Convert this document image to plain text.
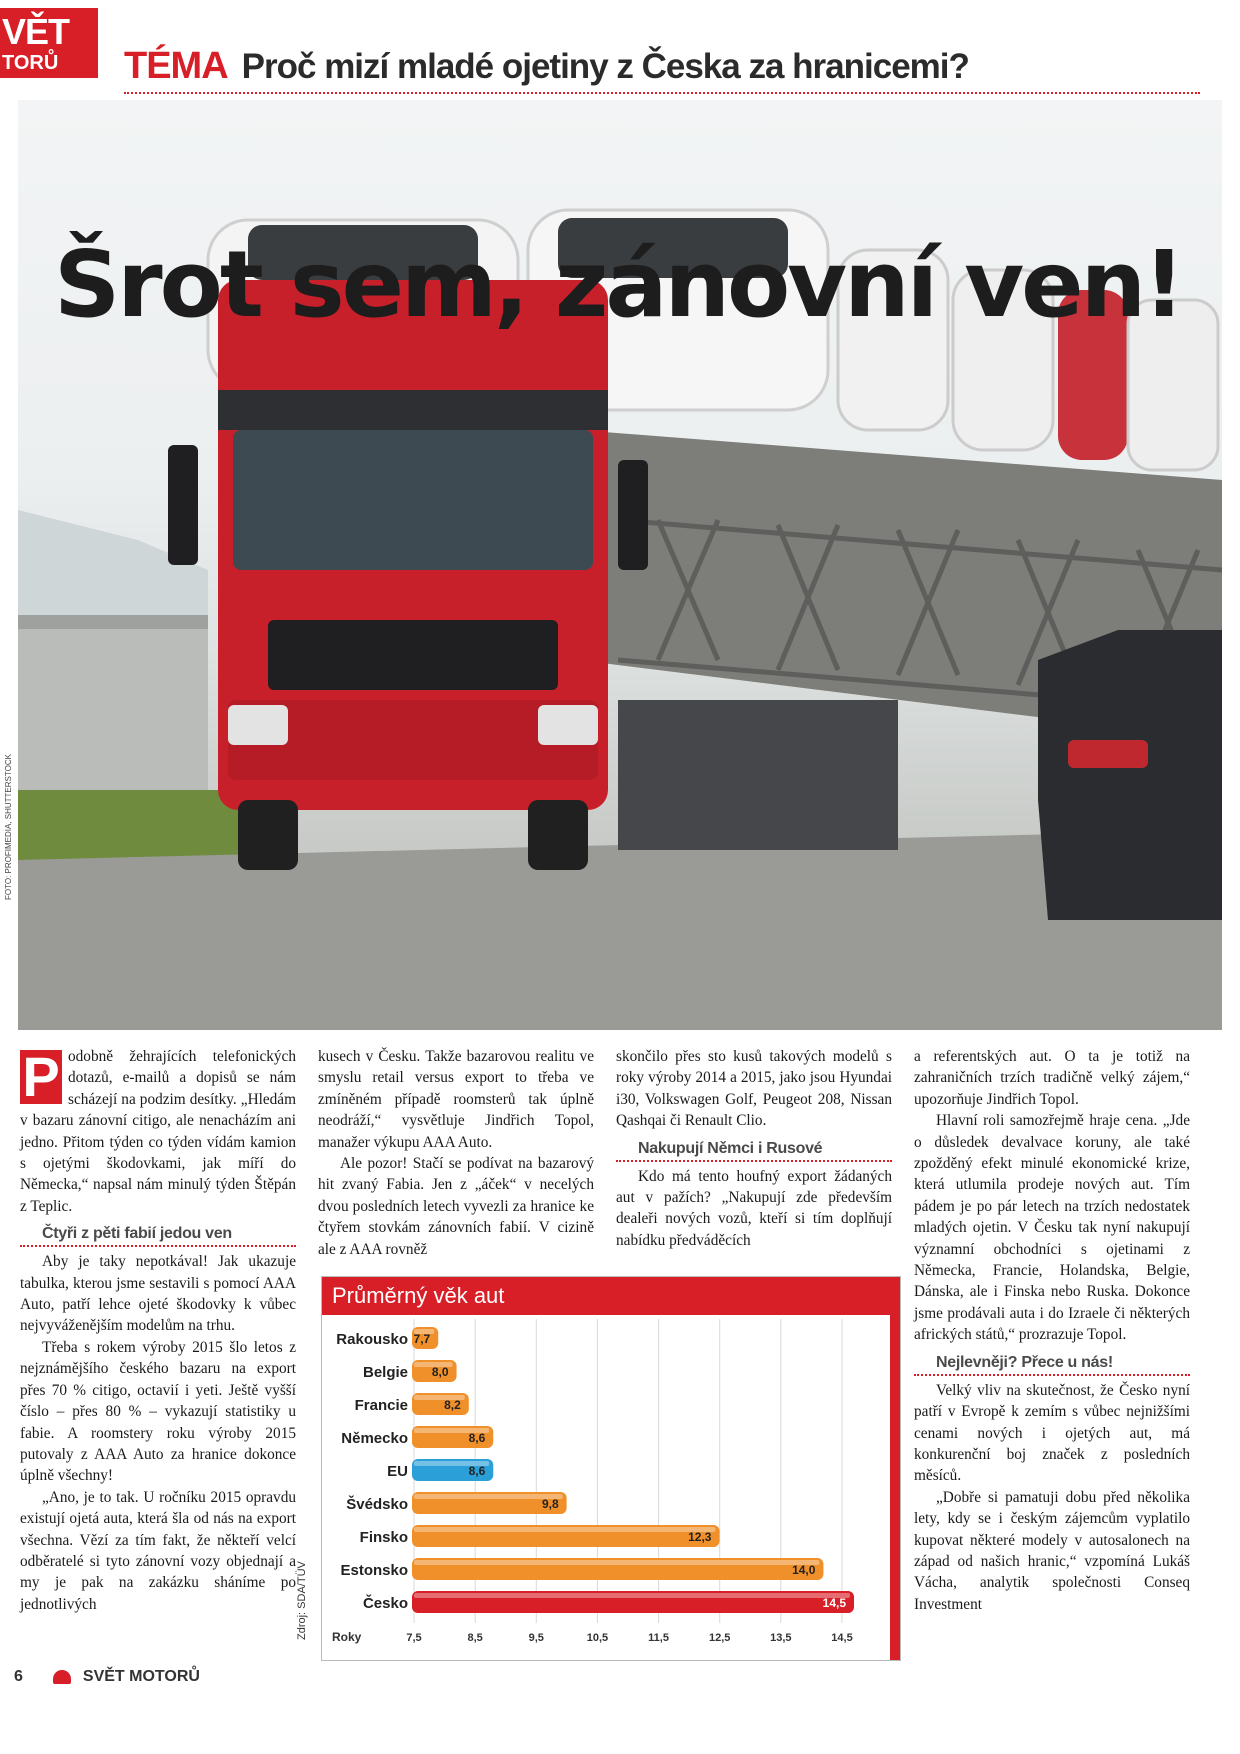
VĚT
TORŮ TÉMA Proč mizí mladé ojetiny z Česka za hranicemi?
Šrot sem, zánovní ven!
FOTO: PROFIMEDIA, SHUTTERSTOCK

P odobně žehrajících telefonických dotazů, e-mailů a dopisů se nám scházejí na podzim desítky. „Hledám v bazaru zánovní citigo, ale nenacházím ani jedno. Přitom týden co týden vídám kamion s ojetými škodovkami, jak míří do Německa,“ napsal nám minulý týden Štěpán z Teplic.

Čtyři z pěti fabií jedou ven

Aby je taky nepotkával! Jak ukazuje tabulka, kterou jsme sestavili s pomocí AAA Auto, patří lehce ojeté škodovky k vůbec nejvyváženějším modelům na trhu.

Třeba s rokem výroby 2015 šlo letos z nejznámějšího českého bazaru na export přes 70 % citigo, octavií i yeti. Ještě vyšší číslo – přes 80 % – vykazují statistiky u fabie. A roomstery roku výroby 2015 putovaly z AAA Auto za hranice dokonce úplně všechny!

„Ano, je to tak. U ročníku 2015 opravdu existují ojetá auta, která šla od nás na export všechna. Vězí za tím fakt, že někteří velcí odběratelé si tyto zánovní vozy objednají a my je pak na zakázku sháníme po jednotlivých

kusech v Česku. Takže bazarovou realitu ve smyslu retail versus export to třeba ve zmíněném případě roomsterů tak úplně neodráží,“ vysvětluje Jindřich Topol, manažer výkupu AAA Auto.

Ale pozor! Stačí se podívat na bazarový hit zvaný Fabia. Jen z „áček“ v necelých dvou posledních letech vyvezli za hranice ke čtyřem stovkám zánovních fabií. V cizině ale z AAA rovněž

skončilo přes sto kusů takových modelů s roky výroby 2014 a 2015, jako jsou Hyundai i30, Volkswagen Golf, Peugeot 208, Nissan Qashqai či Renault Clio.

Nakupují Němci i Rusové

Kdo má tento houfný export žádaných aut v pažích? „Nakupují zde především dealeři nových vozů, kteří si tím doplňují nabídku předváděcích

a referentských aut. O ta je totiž na zahraničních trzích tradičně velký zájem,“ upozorňuje Jindřich Topol.

Hlavní roli samozřejmě hraje cena. „Jde o důsledek devalvace koruny, ale také zpožděný efekt minulé ekonomické krize, která utlumila prodeje nových aut. Tím pádem je po pár letech na trzích nedostatek mladých ojetin. V Česku tak nyní nakupují významní obchodníci s ojetinami z Německa, Francie, Holandska, Belgie, Dánska, ale i Finska nebo Ruska. Dokonce jsme prodávali auta i do Izraele či některých afrických států,“ prozrazuje Topol.

Nejlevněji? Přece u nás!

Velký vliv na skutečnost, že Česko nyní patří v Evropě k zemím s vůbec nejnižšími cenami nových i ojetých aut, má konkurenční boj značek z posledních měsíců.

„Dobře si pamatuji dobu před několika lety, kdy se i českým zájemcům vyplatilo kupovat některé modely v autosalonech na západ od našich hranic,“ vzpomíná Lukáš Vácha, analytik společnosti Conseq Investment

Průměrný věk aut
7,5	8,5	9,5	10,5	11,5	12,5	13,5	14,5
Roky
Rakousko 7,7
Belgie 8,0
Francie	8,2
Německo	8,6
EU	8,6
Švédsko	9,8
Finsko	12,3
Estonsko	14,0
Česko	14,5
Zdroj: SDA/TÜV
6	SVĚT MOTORŮ
